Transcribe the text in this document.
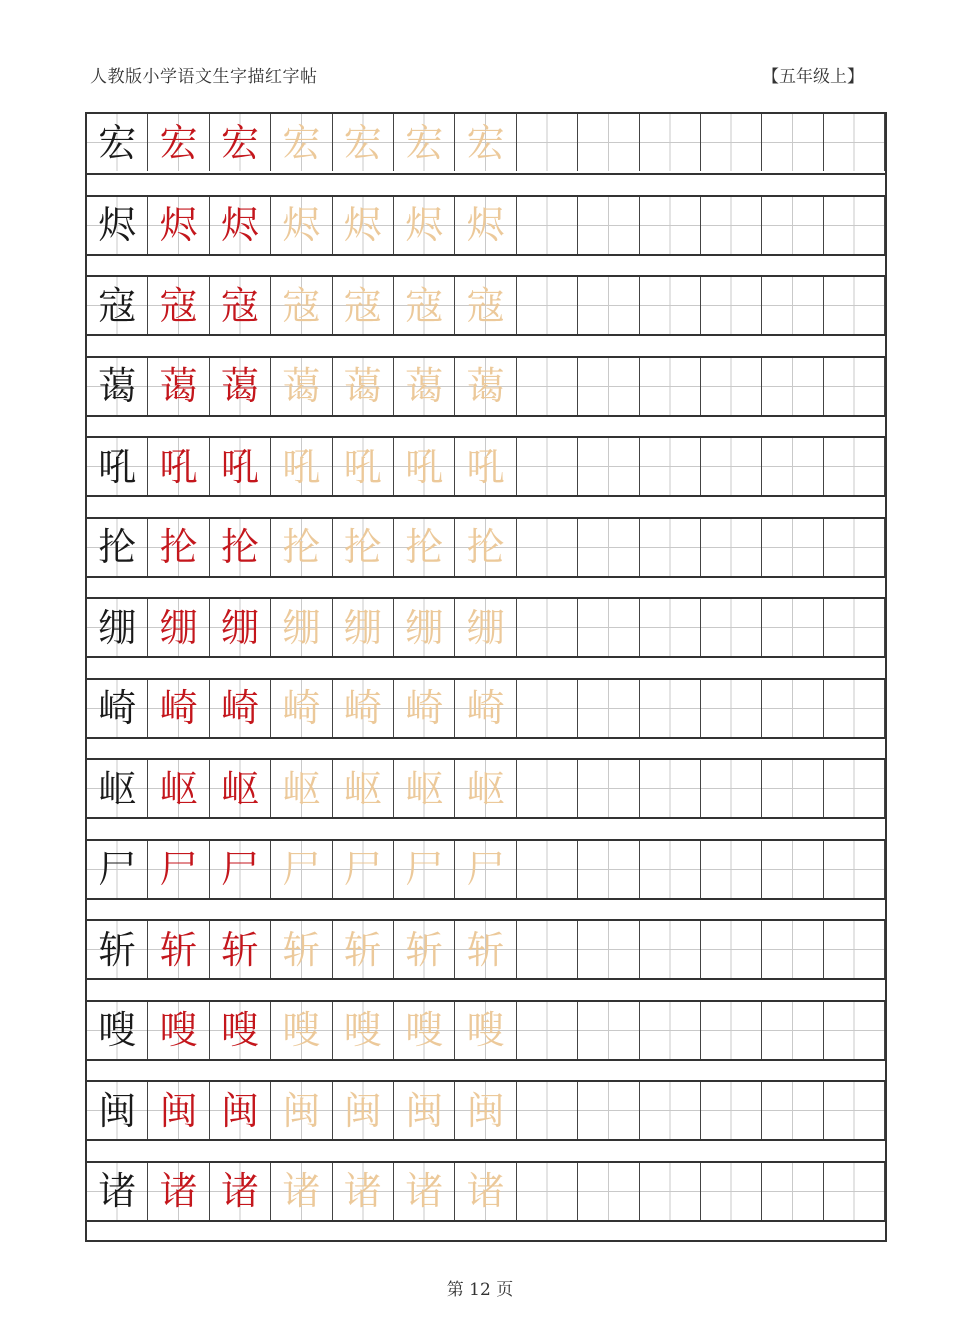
人教版小学语文生字描红字帖	【五年级上】
宏 宏 宏 宏 宏 宏 宏
烬 烬 烬 烬 烬 烬 烬
寇 寇 寇 寇 寇 寇 寇
蔼 蔼 蔼 蔼 蔼 蔼 蔼
吼 吼 吼 吼 吼 吼 吼
抡 抡 抡 抡 抡 抡 抡
绷 绷 绷 绷 绷 绷 绷
崎 崎 崎 崎 崎 崎 崎
岖 岖 岖 岖 岖 岖 岖
尸 尸 尸 尸 尸 尸 尸
斩 斩 斩 斩 斩 斩 斩
嗖 嗖 嗖 嗖 嗖 嗖 嗖
闽 闽 闽 闽 闽 闽 闽
诸 诸 诸 诸 诸 诸 诸
第 12 页
